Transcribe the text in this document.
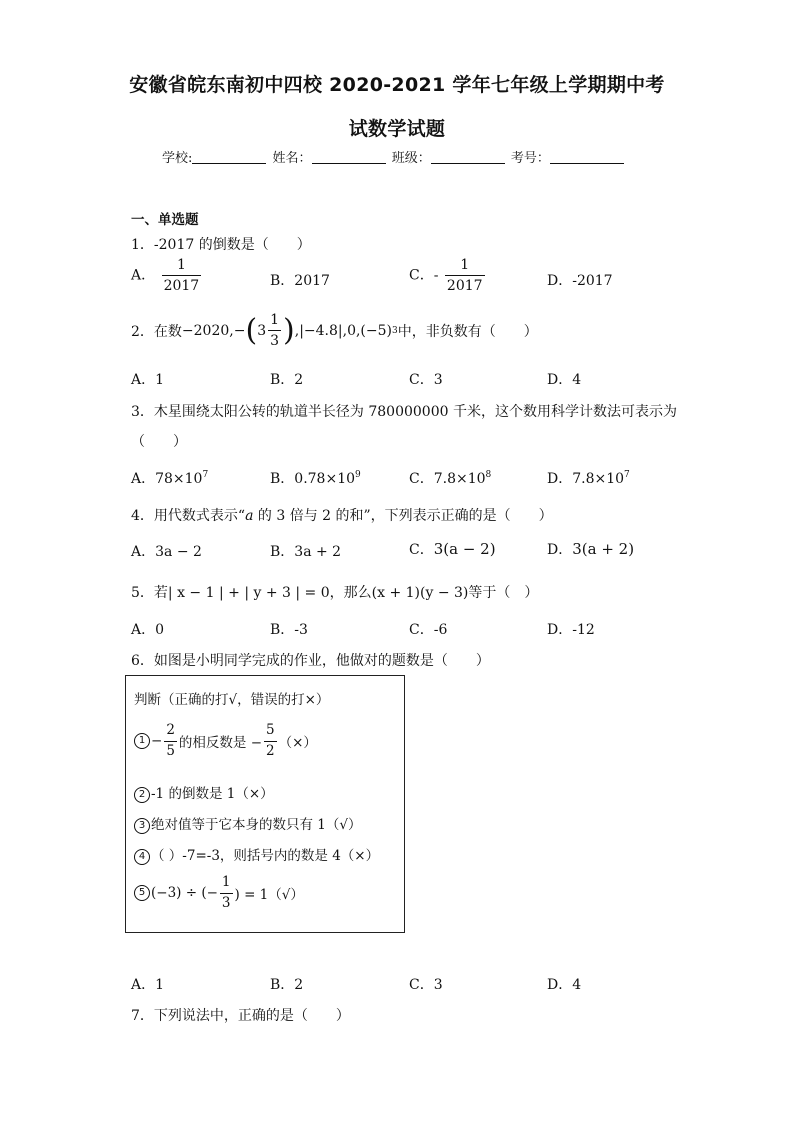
安徽省皖东南初中四校 2020-2021 学年七年级上学期期中考
试数学试题
学校:	姓名：	班级：	考号：
一、单选题
1．-2017 的倒数是（　　）
A． $\frac{1}{2017}$	B．2017	C．- $\frac{1}{2017}$	D．-2017
2．在数 −2020,− ( $3 \frac{1}{3}$ ) ,|−4.8|,0,(−5) 3 中，非负数有（　　）
A．1	B．2	C．3	D．4
3．木星围绕太阳公转的轨道半长径为 780000000 千米，这个数用科学计数法可表示为
（　　）
A．$78\times 10^7$	B．$0.78\times 10^9$	C．$7.8\times 10^8$	D．$7.8\times 10^7$
4．用代数式表示“a 的 3 倍与 2 的和”，下列表示正确的是（　　）
A．3a − 2	B．3a + 2	C．3(a − 2)	D．3(a + 2)
5．若| x − 1 | + | y + 3 | = 0，那么(x + 1)(y − 3)等于（　）
A．0	B．-3	C．-6	D．-12
6．如图是小明同学完成的作业，他做对的题数是（　　）
判断（正确的打√，错误的打×）
$1 - \frac{2}{5}$ 的相反数是 − $\frac{5}{2}$ （×）
2 -1 的倒数是 1（×）
3 绝对值等于它本身的数只有 1（√）
4 （ ）-7=-3，则括号内的数是 4（×）
5 (−3) ÷ (− $\frac{1}{3}$ ) = 1（√）
A．1	B．2	C．3	D．4
7．下列说法中，正确的是（　　）
